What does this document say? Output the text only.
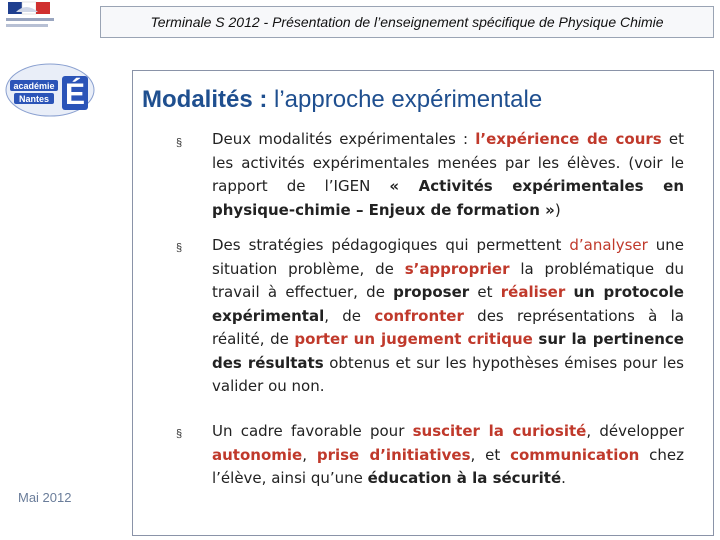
académie
Nantes É
Terminale S 2012 - Présentation de l’enseignement spécifique de Physique Chimie
Mai 2012
Modalités : l’approche expérimentale
§ Deux modalités expérimentales : l’expérience de cours et les activités expérimentales menées par les élèves. (voir le rapport de l’IGEN « Activités expérimentales en physique-chimie – Enjeux de formation »)
§ Des stratégies pédagogiques qui permettent d’analyser une situation problème, de s’approprier la problématique du travail à effectuer, de proposer et réaliser un protocole expérimental, de confronter des représentations à la réalité, de porter un jugement critique sur la pertinence des résultats obtenus et sur les hypothèses émises pour les valider ou non.
§ Un cadre favorable pour susciter la curiosité, développer autonomie, prise d’initiatives, et communication chez l’élève, ainsi qu’une éducation à la sécurité.
